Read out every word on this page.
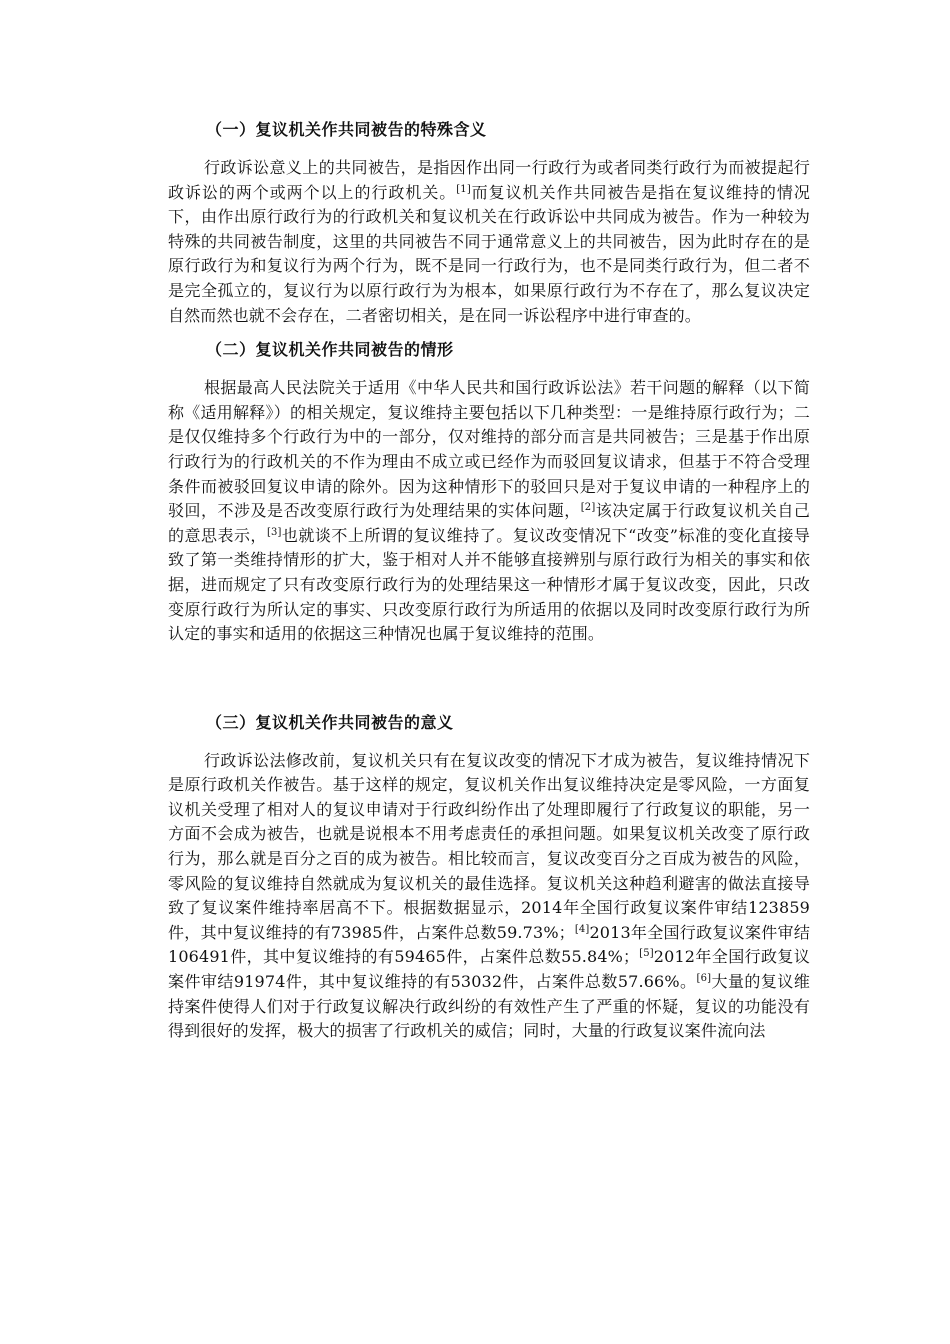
（一）复议机关作共同被告的特殊含义

行政诉讼意义上的共同被告，是指因作出同一行政行为或者同类行政行为而被提起行政诉讼的两个或两个以上的行政机关。[1]而复议机关作共同被告是指在复议维持的情况下，由作出原行政行为的行政机关和复议机关在行政诉讼中共同成为被告。作为一种较为特殊的共同被告制度，这里的共同被告不同于通常意义上的共同被告，因为此时存在的是原行政行为和复议行为两个行为，既不是同一行政行为，也不是同类行政行为，但二者不是完全孤立的，复议行为以原行政行为为根本，如果原行政行为不存在了，那么复议决定自然而然也就不会存在，二者密切相关，是在同一诉讼程序中进行审查的。

（二）复议机关作共同被告的情形

根据最高人民法院关于适用《中华人民共和国行政诉讼法》若干问题的解释（以下简称《适用解释》）的相关规定，复议维持主要包括以下几种类型：一是维持原行政行为；二是仅仅维持多个行政行为中的一部分，仅对维持的部分而言是共同被告；三是基于作出原行政行为的行政机关的不作为理由不成立或已经作为而驳回复议请求，但基于不符合受理条件而被驳回复议申请的除外。因为这种情形下的驳回只是对于复议申请的一种程序上的驳回，不涉及是否改变原行政行为处理结果的实体问题，[2]该决定属于行政复议机关自己的意思表示，[3]也就谈不上所谓的复议维持了。复议改变情况下“改变”标准的变化直接导致了第一类维持情形的扩大，鉴于相对人并不能够直接辨别与原行政行为相关的事实和依据，进而规定了只有改变原行政行为的处理结果这一种情形才属于复议改变，因此，只改变原行政行为所认定的事实、只改变原行政行为所适用的依据以及同时改变原行政行为所认定的事实和适用的依据这三种情况也属于复议维持的范围。

（三）复议机关作共同被告的意义

行政诉讼法修改前，复议机关只有在复议改变的情况下才成为被告，复议维持情况下是原行政机关作被告。基于这样的规定，复议机关作出复议维持决定是零风险，一方面复议机关受理了相对人的复议申请对于行政纠纷作出了处理即履行了行政复议的职能，另一方面不会成为被告，也就是说根本不用考虑责任的承担问题。如果复议机关改变了原行政行为，那么就是百分之百的成为被告。相比较而言，复议改变百分之百成为被告的风险，零风险的复议维持自然就成为复议机关的最佳选择。复议机关这种趋利避害的做法直接导致了复议案件维持率居高不下。根据数据显示，2014年全国行政复议案件审结123859件，其中复议维持的有73985件，占案件总数59.73%；[4]2013年全国行政复议案件审结106491件，其中复议维持的有59465件，占案件总数55.84%；[5]2012年全国行政复议案件审结91974件，其中复议维持的有53032件，占案件总数57.66%。[6]大量的复议维持案件使得人们对于行政复议解决行政纠纷的有效性产生了严重的怀疑，复议的功能没有得到很好的发挥，极大的损害了行政机关的威信；同时，大量的行政复议案件流向法
